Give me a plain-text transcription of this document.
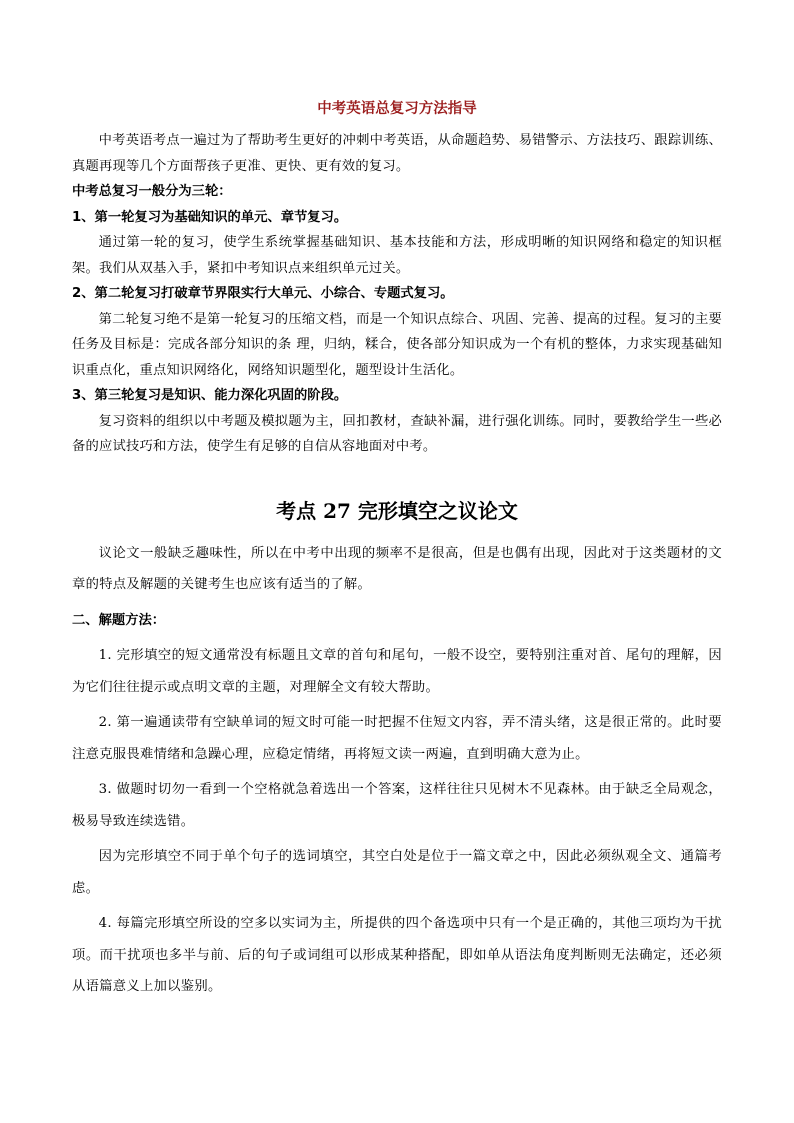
中考英语总复习方法指导

中考英语考点一遍过为了帮助考生更好的冲刺中考英语，从命题趋势、易错警示、方法技巧、跟踪训练、真题再现等几个方面帮孩子更准、更快、更有效的复习。

中考总复习一般分为三轮：

1、第一轮复习为基础知识的单元、章节复习。

通过第一轮的复习，使学生系统掌握基础知识、基本技能和方法，形成明晰的知识网络和稳定的知识框架。我们从双基入手，紧扣中考知识点来组织单元过关。

2、第二轮复习打破章节界限实行大单元、小综合、专题式复习。

第二轮复习绝不是第一轮复习的压缩文档，而是一个知识点综合、巩固、完善、提高的过程。复习的主要任务及目标是：完成各部分知识的条 理，归纳，糅合，使各部分知识成为一个有机的整体，力求实现基础知识重点化，重点知识网络化，网络知识题型化，题型设计生活化。

3、第三轮复习是知识、能力深化巩固的阶段。

复习资料的组织以中考题及模拟题为主，回扣教材，查缺补漏，进行强化训练。同时，要教给学生一些必备的应试技巧和方法，使学生有足够的自信从容地面对中考。

考点 27 完形填空之议论文

议论文一般缺乏趣味性，所以在中考中出现的频率不是很高，但是也偶有出现，因此对于这类题材的文章的特点及解题的关键考生也应该有适当的了解。

二、解题方法：

1. 完形填空的短文通常没有标题且文章的首句和尾句，一般不设空，要特别注重对首、尾句的理解，因为它们往往提示或点明文章的主题，对理解全文有较大帮助。

2. 第一遍通读带有空缺单词的短文时可能一时把握不住短文内容，弄不清头绪，这是很正常的。此时要注意克服畏难情绪和急躁心理，应稳定情绪，再将短文读一两遍，直到明确大意为止。

3. 做题时切勿一看到一个空格就急着选出一个答案，这样往往只见树木不见森林。由于缺乏全局观念，极易导致连续选错。

因为完形填空不同于单个句子的选词填空，其空白处是位于一篇文章之中，因此必须纵观全文、通篇考虑。

4. 每篇完形填空所设的空多以实词为主，所提供的四个备选项中只有一个是正确的，其他三项均为干扰项。而干扰项也多半与前、后的句子或词组可以形成某种搭配，即如单从语法角度判断则无法确定，还必须从语篇意义上加以鉴别。
